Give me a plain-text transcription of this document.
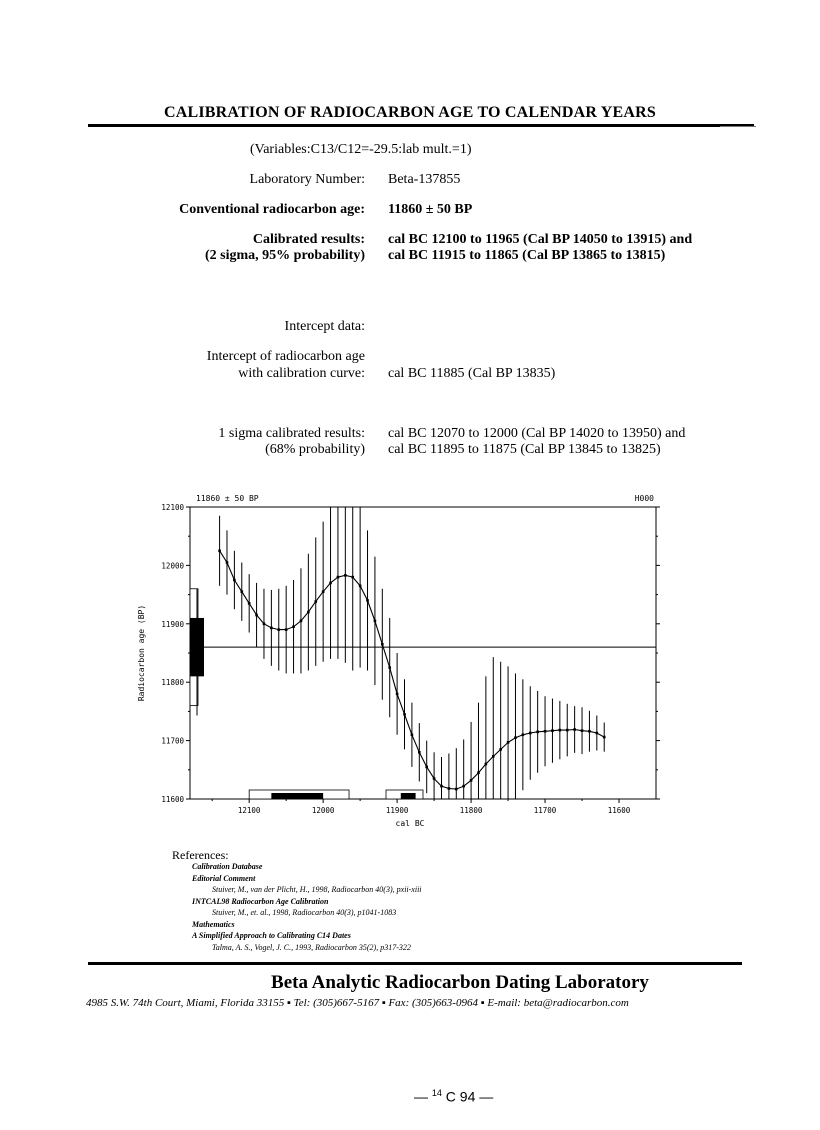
CALIBRATION OF RADIOCARBON AGE TO CALENDAR YEARS
(Variables:C13/C12=-29.5:lab mult.=1)
Laboratory Number: Beta-137855
Conventional radiocarbon age: 11860 ± 50 BP
Calibrated results:
(2 sigma, 95% probability)
cal BC 12100 to 11965 (Cal BP 14050 to 13915) and
cal BC 11915 to 11865 (Cal BP 13865 to 13815)
Intercept data:
Intercept of radiocarbon age
with calibration curve: cal BC 11885 (Cal BP 13835)
1 sigma calibrated results:
(68% probability)
cal BC 12070 to 12000 (Cal BP 14020 to 13950) and
cal BC 11895 to 11875 (Cal BP 13845 to 13825)
11860 ± 50 BP	H000
cal BC
Radiocarbon age (BP)
11600
11700
11800
11900
12000
12100
12100	12000	11900	11800	11700	11600
References:
Calibration Database
Editorial Comment
Stuiver, M., van der Plicht, H., 1998, Radiocarbon 40(3), pxii-xiii
INTCAL98 Radiocarbon Age Calibration
Stuiver, M., et. al., 1998, Radiocarbon 40(3), p1041-1083
Mathematics
A Simplified Approach to Calibrating C14 Dates
Talma, A. S., Vogel, J. C., 1993, Radiocarbon 35(2), p317-322
Beta Analytic Radiocarbon Dating Laboratory
4985 S.W. 74th Court, Miami, Florida 33155 ▪ Tel: (305)667-5167 ▪ Fax: (305)663-0964 ▪ E-mail: beta@radiocarbon.com
— $^{14}$ C 94 —
